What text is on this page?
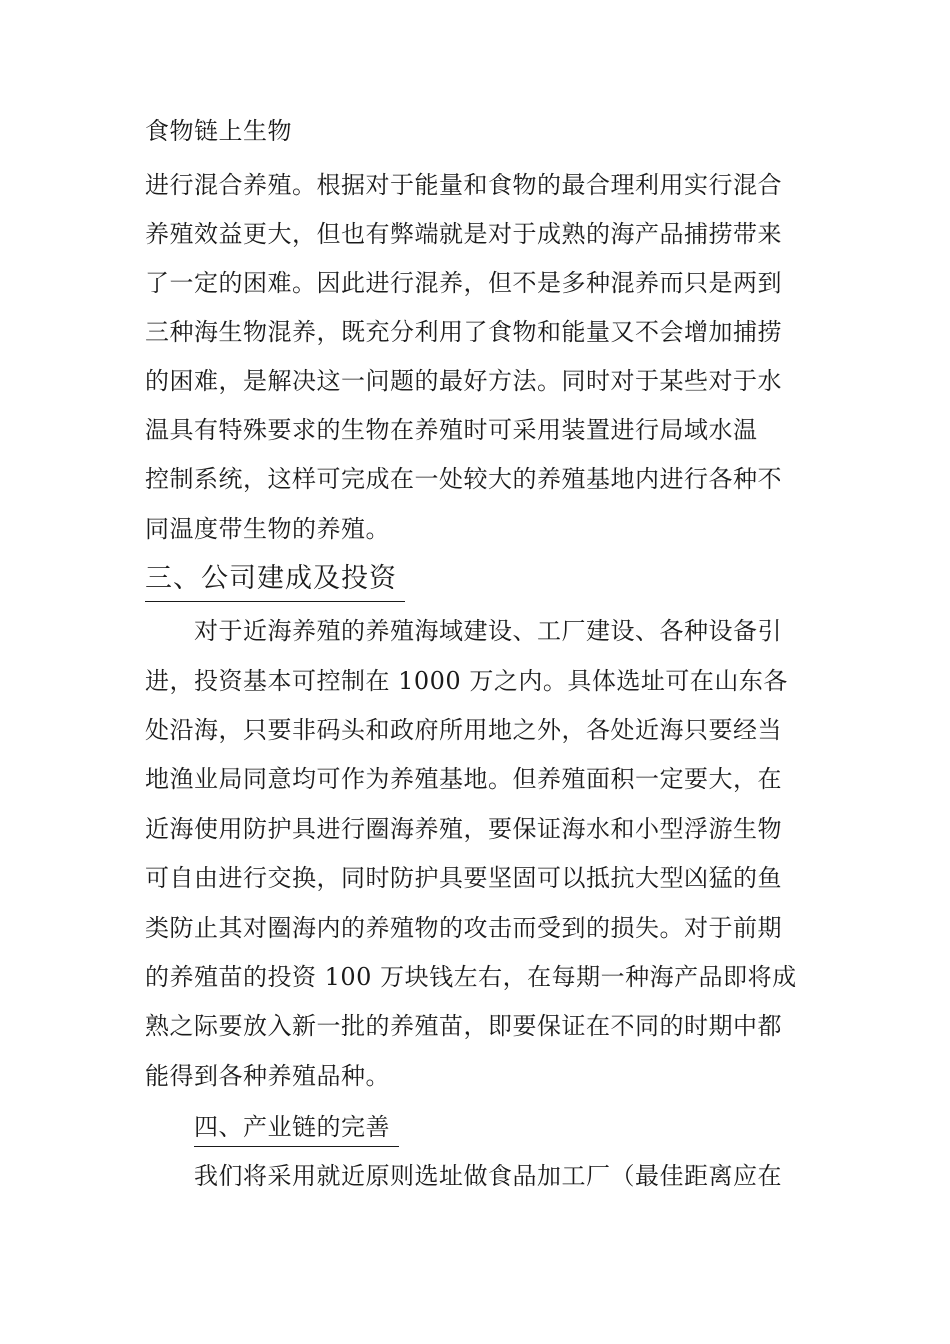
食物链上生物
进行混合养殖。根据对于能量和食物的最合理利用实行混合
养殖效益更大，但也有弊端就是对于成熟的海产品捕捞带来
了一定的困难。因此进行混养，但不是多种混养而只是两到
三种海生物混养，既充分利用了食物和能量又不会增加捕捞
的困难，是解决这一问题的最好方法。同时对于某些对于水
温具有特殊要求的生物在养殖时可采用装置进行局域水温
控制系统，这样可完成在一处较大的养殖基地内进行各种不
同温度带生物的养殖。
三、公司建成及投资
对于近海养殖的养殖海域建设、工厂建设、各种设备引
进，投资基本可控制在 1000 万之内。具体选址可在山东各
处沿海，只要非码头和政府所用地之外，各处近海只要经当
地渔业局同意均可作为养殖基地。但养殖面积一定要大，在
近海使用防护具进行圈海养殖，要保证海水和小型浮游生物
可自由进行交换，同时防护具要坚固可以抵抗大型凶猛的鱼
类防止其对圈海内的养殖物的攻击而受到的损失。对于前期
的养殖苗的投资 100 万块钱左右，在每期一种海产品即将成
熟之际要放入新一批的养殖苗，即要保证在不同的时期中都
能得到各种养殖品种。
四、产业链的完善
我们将采用就近原则选址做食品加工厂（最佳距离应在
